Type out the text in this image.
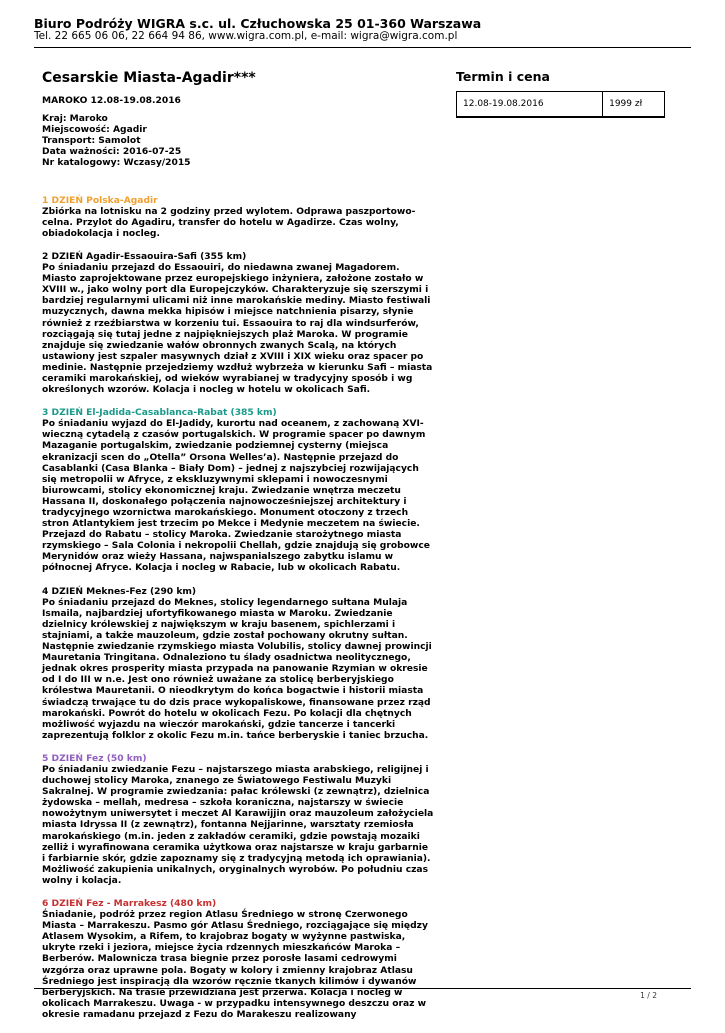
Biuro Podróży WIGRA s.c. ul. Człuchowska 25 01-360 Warszawa
Tel. 22 665 06 06, 22 664 94 86, www.wigra.com.pl, e-mail: wigra@wigra.com.pl
Cesarskie Miasta-Agadir***	Termin i cena
12.08-19.08.2016	1999 zł

MAROKO 12.08-19.08.2016

Kraj: Maroko

Miejscowość: Agadir

Transport: Samolot

Data ważności: 2016-07-25

Nr katalogowy: Wczasy/2015

1 DZIEŃ Polska-Agadir

Zbiórka na lotnisku na 2 godziny przed wylotem. Odprawa paszportowo-celna. Przylot do Agadiru, transfer do hotelu w Agadirze. Czas wolny, obiadokolacja i nocleg.

2 DZIEŃ Agadir-Essaouira-Safi (355 km)

Po śniadaniu przejazd do Essaouiri, do niedawna zwanej Magadorem. Miasto zaprojektowane przez europejskiego inżyniera, założone zostało w XVIII w., jako wolny port dla Europejczyków. Charakteryzuje się szerszymi i bardziej regularnymi ulicami niż inne marokańskie mediny. Miasto festiwali muzycznych, dawna mekka hipisów i miejsce natchnienia pisarzy, słynie również z rzeźbiarstwa w korzeniu tui. Essaouira to raj dla windsurferów, rozciągają się tutaj jedne z najpiękniejszych plaż Maroka. W programie znajduje się zwiedzanie wałów obronnych zwanych Scalą, na których ustawiony jest szpaler masywnych dział z XVIII i XIX wieku oraz spacer po medinie. Następnie przejedziemy wzdłuż wybrzeża w kierunku Safi – miasta ceramiki marokańskiej, od wieków wyrabianej w tradycyjny sposób i wg określonych wzorów. Kolacja i nocleg w hotelu w okolicach Safi.

3 DZIEŃ El-Jadida-Casablanca-Rabat (385 km)

Po śniadaniu wyjazd do El-Jadidy, kurortu nad oceanem, z zachowaną XVI-wieczną cytadelą z czasów portugalskich. W programie spacer po dawnym Mazaganie portugalskim, zwiedzanie podziemnej cysterny (miejsca ekranizacji scen do „Otella” Orsona Welles’a). Następnie przejazd do Casablanki (Casa Blanka – Biały Dom) – jednej z najszybciej rozwijających się metropolii w Afryce, z ekskluzywnymi sklepami i nowoczesnymi biurowcami, stolicy ekonomicznej kraju. Zwiedzanie wnętrza meczetu Hassana II, doskonałego połączenia najnowocześniejszej architektury i tradycyjnego wzornictwa marokańskiego. Monument otoczony z trzech stron Atlantykiem jest trzecim po Mekce i Medynie meczetem na świecie. Przejazd do Rabatu – stolicy Maroka. Zwiedzanie starożytnego miasta rzymskiego – Sala Colonia i nekropolii Chellah, gdzie znajdują się grobowce Merynidów oraz wieży Hassana, najwspanialszego zabytku islamu w północnej Afryce. Kolacja i nocleg w Rabacie, lub w okolicach Rabatu.

4 DZIEŃ Meknes-Fez (290 km)

Po śniadaniu przejazd do Meknes, stolicy legendarnego sułtana Mulaja Ismaila, najbardziej ufortyfikowanego miasta w Maroku. Zwiedzanie dzielnicy królewskiej z największym w kraju basenem, spichlerzami i stajniami, a także mauzoleum, gdzie został pochowany okrutny sułtan. Następnie zwiedzanie rzymskiego miasta Volubilis, stolicy dawnej prowincji Mauretania Tringitana. Odnaleziono tu ślady osadnictwa neolitycznego, jednak okres prosperity miasta przypada na panowanie Rzymian w okresie od I do III w n.e. Jest ono również uważane za stolicę berberyjskiego królestwa Mauretanii. O nieodkrytym do końca bogactwie i historii miasta świadczą trwające tu do dzis prace wykopaliskowe, finansowane przez rząd marokański. Powrót do hotelu w okolicach Fezu. Po kolacji dla chętnych możliwość wyjazdu na wieczór marokański, gdzie tancerze i tancerki zaprezentują folklor z okolic Fezu m.in. tańce berberyskie i taniec brzucha.

5 DZIEŃ Fez (50 km)

Po śniadaniu zwiedzanie Fezu – najstarszego miasta arabskiego, religijnej i duchowej stolicy Maroka, znanego ze Światowego Festiwalu Muzyki Sakralnej. W programie zwiedzania: pałac królewski (z zewnątrz), dzielnica żydowska – mellah, medresa – szkoła koraniczna, najstarszy w świecie nowożytnym uniwersytet i meczet Al Karawijjin oraz mauzoleum założyciela miasta Idryssa II (z zewnątrz), fontanna Nejjarinne, warsztaty rzemiosła marokańskiego (m.in. jeden z zakładów ceramiki, gdzie powstają mozaiki zelliż i wyrafinowana ceramika użytkowa oraz najstarsze w kraju garbarnie i farbiarnie skór, gdzie zapoznamy się z tradycyjną metodą ich oprawiania). Możliwość zakupienia unikalnych, oryginalnych wyrobów. Po południu czas wolny i kolacja.

6 DZIEŃ Fez - Marrakesz (480 km)

Śniadanie, podróż przez region Atlasu Średniego w stronę Czerwonego Miasta – Marrakeszu. Pasmo gór Atlasu Średniego, rozciągające się między Atlasem Wysokim, a Rifem, to krajobraz bogaty w wyżynne pastwiska, ukryte rzeki i jeziora, miejsce życia rdzennych mieszkańców Maroka – Berberów. Malownicza trasa biegnie przez porosłe lasami cedrowymi wzgórza oraz uprawne pola. Bogaty w kolory i zmienny krajobraz Atlasu Średniego jest inspiracją dla wzorów ręcznie tkanych kilimów i dywanów berberyjskich. Na trasie przewidziana jest przerwa. Kolacja i nocleg w okolicach Marrakeszu. Uwaga - w przypadku intensywnego deszczu oraz w okresie ramadanu przejazd z Fezu do Marakeszu realizowany

1 / 2
